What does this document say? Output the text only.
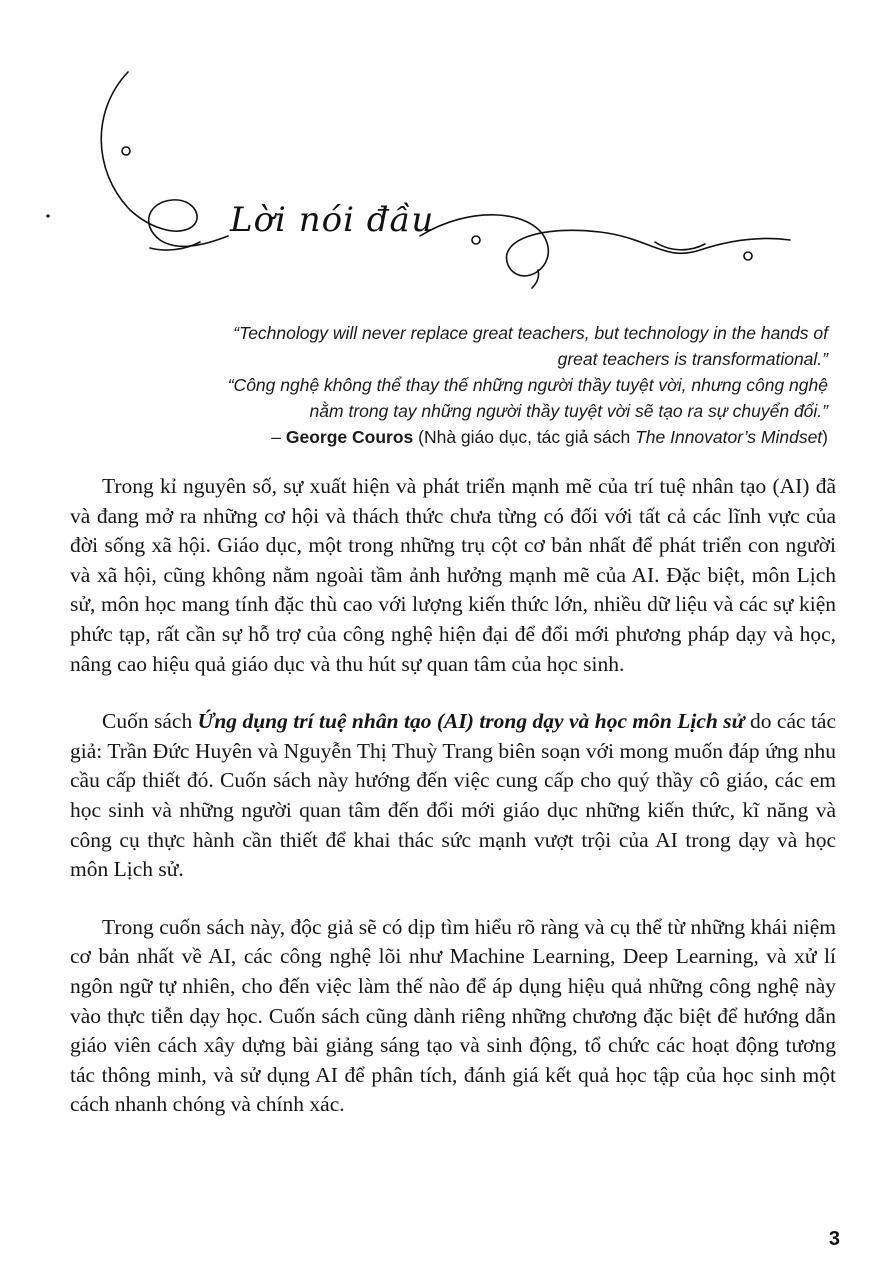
Lời nói đầu
“Technology will never replace great teachers, but technology in the hands of
great teachers is transformational.”
“Công nghệ không thể thay thế những người thầy tuyệt vời, nhưng công nghệ
nằm trong tay những người thầy tuyệt vời sẽ tạo ra sự chuyển đổi.”
– George Couros (Nhà giáo dục, tác giả sách The Innovator’s Mindset)

Trong kỉ nguyên số, sự xuất hiện và phát triển mạnh mẽ của trí tuệ nhân tạo (AI) đã và đang mở ra những cơ hội và thách thức chưa từng có đối với tất cả các lĩnh vực của đời sống xã hội. Giáo dục, một trong những trụ cột cơ bản nhất để phát triển con người và xã hội, cũng không nằm ngoài tầm ảnh hưởng mạnh mẽ của AI. Đặc biệt, môn Lịch sử, môn học mang tính đặc thù cao với lượng kiến thức lớn, nhiều dữ liệu và các sự kiện phức tạp, rất cần sự hỗ trợ của công nghệ hiện đại để đổi mới phương pháp dạy và học, nâng cao hiệu quả giáo dục và thu hút sự quan tâm của học sinh.

Cuốn sách Ứng dụng trí tuệ nhân tạo (AI) trong dạy và học môn Lịch sử do các tác giả: Trần Đức Huyên và Nguyễn Thị Thuỳ Trang biên soạn với mong muốn đáp ứng nhu cầu cấp thiết đó. Cuốn sách này hướng đến việc cung cấp cho quý thầy cô giáo, các em học sinh và những người quan tâm đến đổi mới giáo dục những kiến thức, kĩ năng và công cụ thực hành cần thiết để khai thác sức mạnh vượt trội của AI trong dạy và học môn Lịch sử.

Trong cuốn sách này, độc giả sẽ có dịp tìm hiểu rõ ràng và cụ thể từ những khái niệm cơ bản nhất về AI, các công nghệ lõi như Machine Learning, Deep Learning, và xử lí ngôn ngữ tự nhiên, cho đến việc làm thế nào để áp dụng hiệu quả những công nghệ này vào thực tiễn dạy học. Cuốn sách cũng dành riêng những chương đặc biệt để hướng dẫn giáo viên cách xây dựng bài giảng sáng tạo và sinh động, tổ chức các hoạt động tương tác thông minh, và sử dụng AI để phân tích, đánh giá kết quả học tập của học sinh một cách nhanh chóng và chính xác.

3
